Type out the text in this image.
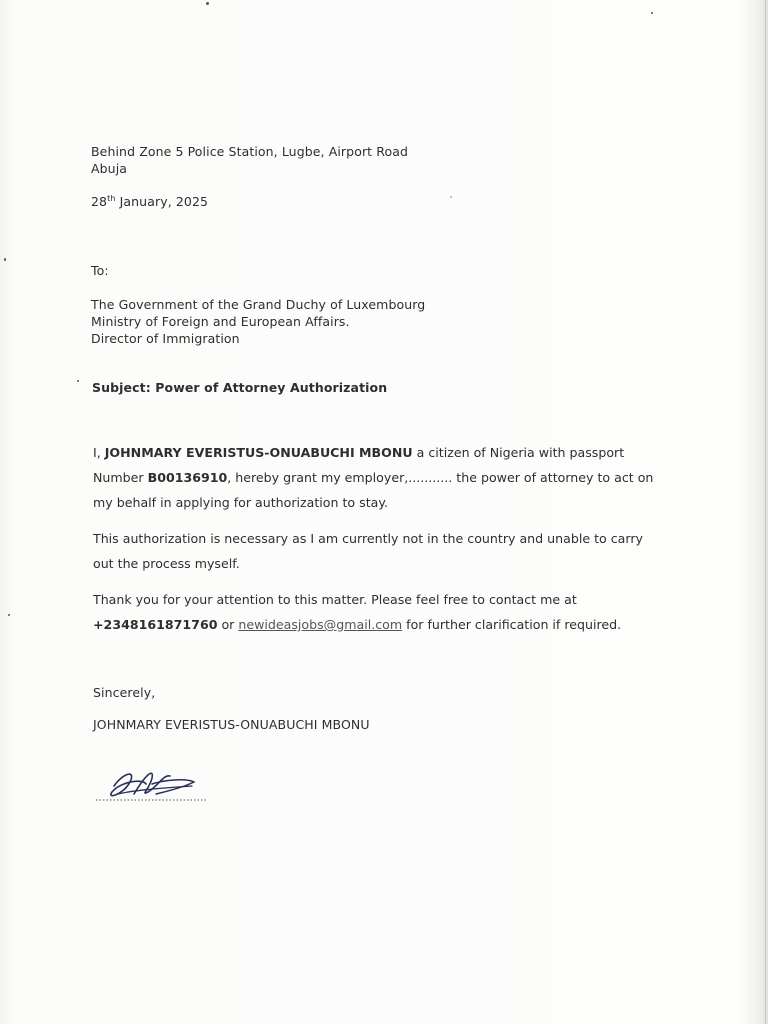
Behind Zone 5 Police Station, Lugbe, Airport Road
Abuja
28th January, 2025
To:
The Government of the Grand Duchy of Luxembourg
Ministry of Foreign and European Affairs.
Director of Immigration
Subject: Power of Attorney Authorization
I, JOHNMARY EVERISTUS-ONUABUCHI MBONU a citizen of Nigeria with passport Number B00136910, hereby grant my employer,........... the power of attorney to act on my behalf in applying for authorization to stay.
This authorization is necessary as I am currently not in the country and unable to carry out the process myself.
Thank you for your attention to this matter. Please feel free to contact me at +2348161871760 or newideasjobs@gmail.com for further clarification if required.
Sincerely,
JOHNMARY EVERISTUS-ONUABUCHI MBONU
